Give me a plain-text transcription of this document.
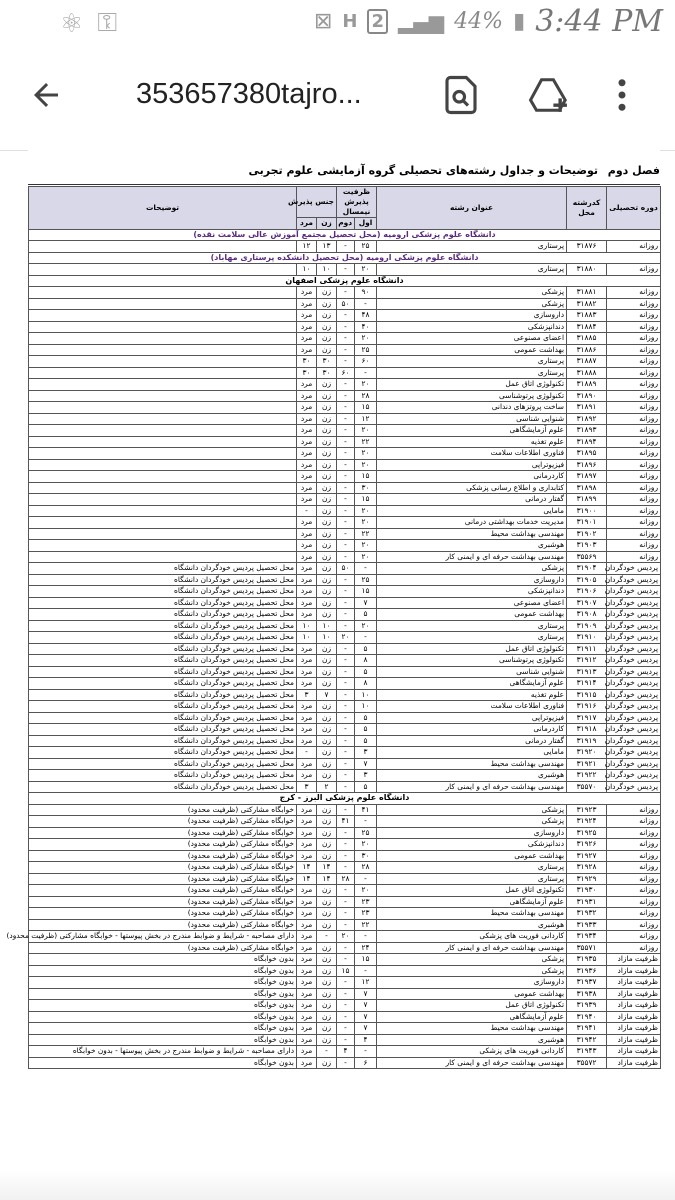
⚛ ⚿	⊠ H 2 ▂▄▆ 44% ▮ 3:44 PM
353657380tajro...
فصل دوم
توضیحات و جداول رشته‌های تحصیلی گروه آزمایشی علوم تجربی
دوره تحصیلی	کدرشته محل	عنوان رشته	ظرفیت پذیرش نیمسال		جنس پذیرش		توضیحات
			اول	دوم	زن	مرد	
دانشگاه علوم پزشکی ارومیه (محل تحصیل مجتمع آموزش عالی سلامت نقده)							
روزانه	۳۱۸۷۶	پرستاری	۲۵	-	۱۳	۱۲	
دانشگاه علوم پزشکی ارومیه (محل تحصیل دانشکده پرستاری مهاباد)							
روزانه	۳۱۸۸۰	پرستاری	۲۰	-	۱۰	۱۰	
دانشگاه علوم پزشکی اصفهان							
روزانه	۳۱۸۸۱	پزشکی	۹۰	-	زن	مرد	
روزانه	۳۱۸۸۲	پزشکی	-	۵۰	زن	مرد	
روزانه	۳۱۸۸۳	داروسازی	۴۸	-	زن	مرد	
روزانه	۳۱۸۸۴	دندانپزشکی	۴۰	-	زن	مرد	
روزانه	۳۱۸۸۵	اعضای مصنوعی	۲۰	-	زن	مرد	
روزانه	۳۱۸۸۶	بهداشت عمومی	۲۵	-	زن	مرد	
روزانه	۳۱۸۸۷	پرستاری	۶۰	-	۳۰	۳۰	
روزانه	۳۱۸۸۸	پرستاری	-	۶۰	۳۰	۳۰	
روزانه	۳۱۸۸۹	تکنولوژی اتاق عمل	۲۰	-	زن	مرد	
روزانه	۳۱۸۹۰	تکنولوژی پرتوشناسی	۲۸	-	زن	مرد	
روزانه	۳۱۸۹۱	ساخت پروتزهای دندانی	۱۵	-	زن	مرد	
روزانه	۳۱۸۹۲	شنوایی شناسی	۱۲	-	زن	مرد	
روزانه	۳۱۸۹۳	علوم آزمایشگاهی	۲۰	-	زن	مرد	
روزانه	۳۱۸۹۴	علوم تغذیه	۲۲	-	زن	مرد	
روزانه	۳۱۸۹۵	فناوری اطلاعات سلامت	۲۰	-	زن	مرد	
روزانه	۳۱۸۹۶	فیزیوتراپی	۲۰	-	زن	مرد	
روزانه	۳۱۸۹۷	کاردرمانی	۱۵	-	زن	مرد	
روزانه	۳۱۸۹۸	کتابداری و اطلاع رسانی پزشکی	۳۰	-	زن	مرد	
روزانه	۳۱۸۹۹	گفتار درمانی	۱۵	-	زن	مرد	
روزانه	۳۱۹۰۰	مامایی	۲۰	-	زن	-	
روزانه	۳۱۹۰۱	مدیریت خدمات بهداشتی درمانی	۲۰	-	زن	مرد	
روزانه	۳۱۹۰۲	مهندسی بهداشت محیط	۲۲	-	زن	مرد	
روزانه	۳۱۹۰۳	هوشبری	۲۰	-	زن	مرد	
روزانه	۳۵۵۶۹	مهندسی بهداشت حرفه ای و ایمنی کار	۲۰	-	زن	مرد	
پردیس خودگردان	۳۱۹۰۴	پزشکی	-	۵۰	زن	مرد	محل تحصیل پردیس خودگردان دانشگاه
پردیس خودگردان	۳۱۹۰۵	داروسازی	۲۵	-	زن	مرد	محل تحصیل پردیس خودگردان دانشگاه
پردیس خودگردان	۳۱۹۰۶	دندانپزشکی	۱۵	-	زن	مرد	محل تحصیل پردیس خودگردان دانشگاه
پردیس خودگردان	۳۱۹۰۷	اعضای مصنوعی	۷	-	زن	مرد	محل تحصیل پردیس خودگردان دانشگاه
پردیس خودگردان	۳۱۹۰۸	بهداشت عمومی	۵	-	زن	مرد	محل تحصیل پردیس خودگردان دانشگاه
پردیس خودگردان	۳۱۹۰۹	پرستاری	۲۰	-	۱۰	۱۰	محل تحصیل پردیس خودگردان دانشگاه
پردیس خودگردان	۳۱۹۱۰	پرستاری	-	۲۰	۱۰	۱۰	محل تحصیل پردیس خودگردان دانشگاه
پردیس خودگردان	۳۱۹۱۱	تکنولوژی اتاق عمل	۵	-	زن	مرد	محل تحصیل پردیس خودگردان دانشگاه
پردیس خودگردان	۳۱۹۱۲	تکنولوژی پرتوشناسی	۸	-	زن	مرد	محل تحصیل پردیس خودگردان دانشگاه
پردیس خودگردان	۳۱۹۱۳	شنوایی شناسی	۵	-	زن	مرد	محل تحصیل پردیس خودگردان دانشگاه
پردیس خودگردان	۳۱۹۱۴	علوم آزمایشگاهی	۸	-	زن	مرد	محل تحصیل پردیس خودگردان دانشگاه
پردیس خودگردان	۳۱۹۱۵	علوم تغذیه	۱۰	-	۷	۳	محل تحصیل پردیس خودگردان دانشگاه
پردیس خودگردان	۳۱۹۱۶	فناوری اطلاعات سلامت	۱۰	-	زن	مرد	محل تحصیل پردیس خودگردان دانشگاه
پردیس خودگردان	۳۱۹۱۷	فیزیوتراپی	۵	-	زن	مرد	محل تحصیل پردیس خودگردان دانشگاه
پردیس خودگردان	۳۱۹۱۸	کاردرمانی	۵	-	زن	مرد	محل تحصیل پردیس خودگردان دانشگاه
پردیس خودگردان	۳۱۹۱۹	گفتار درمانی	۵	-	زن	مرد	محل تحصیل پردیس خودگردان دانشگاه
پردیس خودگردان	۳۱۹۲۰	مامایی	۳	-	زن	-	محل تحصیل پردیس خودگردان دانشگاه
پردیس خودگردان	۳۱۹۲۱	مهندسی بهداشت محیط	۷	-	زن	مرد	محل تحصیل پردیس خودگردان دانشگاه
پردیس خودگردان	۳۱۹۲۲	هوشبری	۳	-	زن	مرد	محل تحصیل پردیس خودگردان دانشگاه
پردیس خودگردان	۳۵۵۷۰	مهندسی بهداشت حرفه ای و ایمنی کار	۵	-	۲	۳	محل تحصیل پردیس خودگردان دانشگاه
دانشگاه علوم پزشکی البرز - کرج							
روزانه	۳۱۹۲۳	پزشکی	۴۱	-	زن	مرد	خوابگاه مشارکتی (ظرفیت محدود)
روزانه	۳۱۹۲۴	پزشکی	-	۴۱	زن	مرد	خوابگاه مشارکتی (ظرفیت محدود)
روزانه	۳۱۹۲۵	داروسازی	۲۵	-	زن	مرد	خوابگاه مشارکتی (ظرفیت محدود)
روزانه	۳۱۹۲۶	دندانپزشکی	۲۰	-	زن	مرد	خوابگاه مشارکتی (ظرفیت محدود)
روزانه	۳۱۹۲۷	بهداشت عمومی	۳۰	-	زن	مرد	خوابگاه مشارکتی (ظرفیت محدود)
روزانه	۳۱۹۲۸	پرستاری	۲۸	-	۱۴	۱۴	خوابگاه مشارکتی (ظرفیت محدود)
روزانه	۳۱۹۲۹	پرستاری	-	۲۸	۱۴	۱۴	خوابگاه مشارکتی (ظرفیت محدود)
روزانه	۳۱۹۳۰	تکنولوژی اتاق عمل	۲۰	-	زن	مرد	خوابگاه مشارکتی (ظرفیت محدود)
روزانه	۳۱۹۳۱	علوم آزمایشگاهی	۲۳	-	زن	مرد	خوابگاه مشارکتی (ظرفیت محدود)
روزانه	۳۱۹۳۲	مهندسی بهداشت محیط	۲۳	-	زن	مرد	خوابگاه مشارکتی (ظرفیت محدود)
روزانه	۳۱۹۳۳	هوشبری	۲۲	-	زن	مرد	خوابگاه مشارکتی (ظرفیت محدود)
روزانه	۳۱۹۳۴	کاردانی فوریت های پزشکی	-	۲۰	-	مرد	دارای مصاحبه - شرایط و ضوابط مندرج در بخش پیوستها - خوابگاه مشارکتی (ظرفیت محدود)
روزانه	۳۵۵۷۱	مهندسی بهداشت حرفه ای و ایمنی کار	۲۴	-	زن	مرد	خوابگاه مشارکتی (ظرفیت محدود)
ظرفیت مازاد	۳۱۹۳۵	پزشکی	۱۵	-	زن	مرد	بدون خوابگاه
ظرفیت مازاد	۳۱۹۳۶	پزشکی	-	۱۵	زن	مرد	بدون خوابگاه
ظرفیت مازاد	۳۱۹۳۷	داروسازی	۱۲	-	زن	مرد	بدون خوابگاه
ظرفیت مازاد	۳۱۹۳۸	بهداشت عمومی	۷	-	زن	مرد	بدون خوابگاه
ظرفیت مازاد	۳۱۹۳۹	تکنولوژی اتاق عمل	۷	-	زن	مرد	بدون خوابگاه
ظرفیت مازاد	۳۱۹۴۰	علوم آزمایشگاهی	۷	-	زن	مرد	بدون خوابگاه
ظرفیت مازاد	۳۱۹۴۱	مهندسی بهداشت محیط	۷	-	زن	مرد	بدون خوابگاه
ظرفیت مازاد	۳۱۹۴۲	هوشبری	۴	-	زن	مرد	بدون خوابگاه
ظرفیت مازاد	۳۱۹۴۳	کاردانی فوریت های پزشکی	-	۴	-	مرد	دارای مصاحبه - شرایط و ضوابط مندرج در بخش پیوستها - بدون خوابگاه
ظرفیت مازاد	۳۵۵۷۲	مهندسی بهداشت حرفه ای و ایمنی کار	۶	-	زن	مرد	بدون خوابگاه
